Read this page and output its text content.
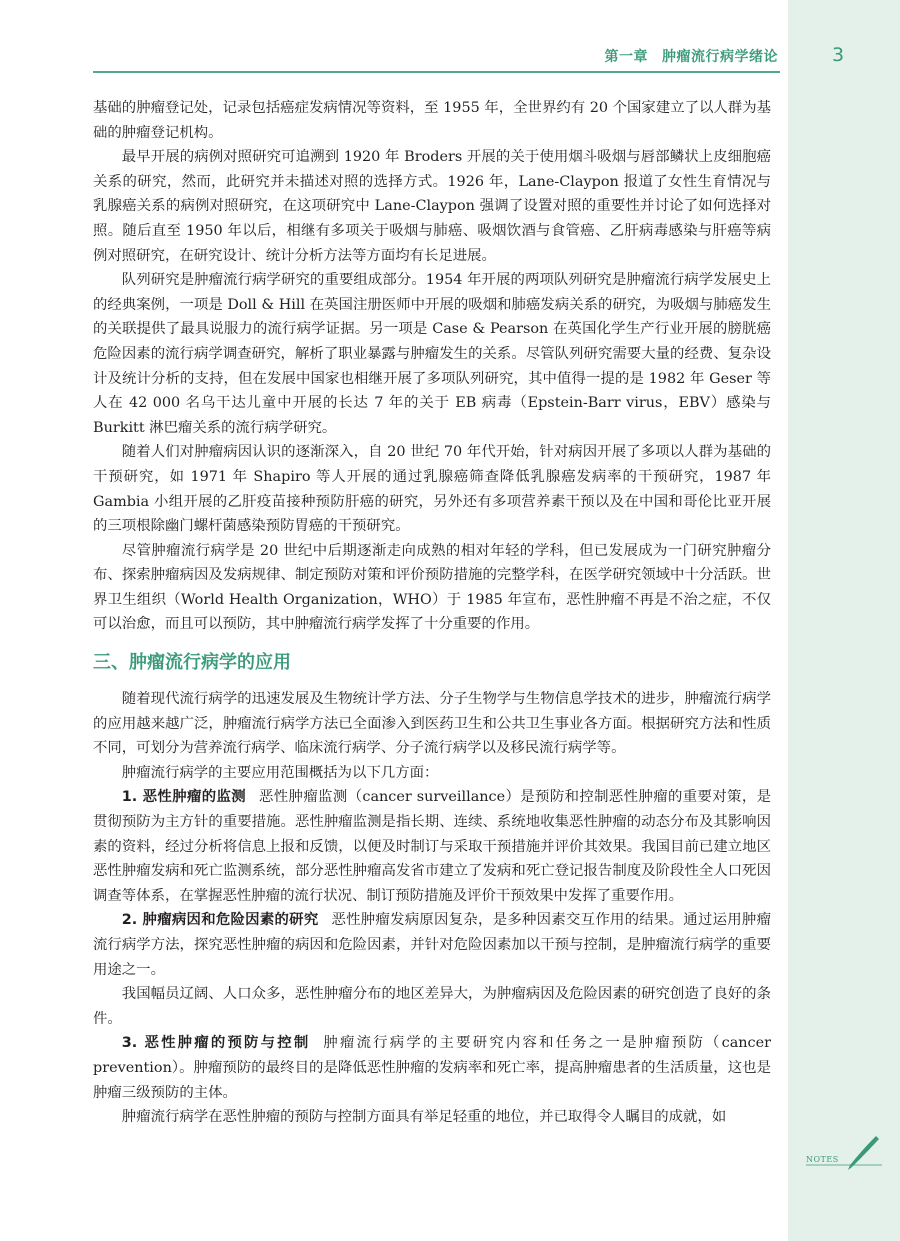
第一章 肿瘤流行病学绪论	3

基础的肿瘤登记处，记录包括癌症发病情况等资料，至 1955 年，全世界约有 20 个国家建立了以人群为基础的肿瘤登记机构。

最早开展的病例对照研究可追溯到 1920 年 Broders 开展的关于使用烟斗吸烟与唇部鳞状上皮细胞癌关系的研究，然而，此研究并未描述对照的选择方式。1926 年，Lane-Claypon 报道了女性生育情况与乳腺癌关系的病例对照研究，在这项研究中 Lane-Claypon 强调了设置对照的重要性并讨论了如何选择对照。随后直至 1950 年以后，相继有多项关于吸烟与肺癌、吸烟饮酒与食管癌、乙肝病毒感染与肝癌等病例对照研究，在研究设计、统计分析方法等方面均有长足进展。

队列研究是肿瘤流行病学研究的重要组成部分。1954 年开展的两项队列研究是肿瘤流行病学发展史上的经典案例，一项是 Doll & Hill 在英国注册医师中开展的吸烟和肺癌发病关系的研究，为吸烟与肺癌发生的关联提供了最具说服力的流行病学证据。另一项是 Case & Pearson 在英国化学生产行业开展的膀胱癌危险因素的流行病学调查研究，解析了职业暴露与肿瘤发生的关系。尽管队列研究需要大量的经费、复杂设计及统计分析的支持，但在发展中国家也相继开展了多项队列研究，其中值得一提的是 1982 年 Geser 等人在 42 000 名乌干达儿童中开展的长达 7 年的关于 EB 病毒（Epstein-Barr virus，EBV）感染与 Burkitt 淋巴瘤关系的流行病学研究。

随着人们对肿瘤病因认识的逐渐深入，自 20 世纪 70 年代开始，针对病因开展了多项以人群为基础的干预研究，如 1971 年 Shapiro 等人开展的通过乳腺癌筛查降低乳腺癌发病率的干预研究，1987 年 Gambia 小组开展的乙肝疫苗接种预防肝癌的研究，另外还有多项营养素干预以及在中国和哥伦比亚开展的三项根除幽门螺杆菌感染预防胃癌的干预研究。

尽管肿瘤流行病学是 20 世纪中后期逐渐走向成熟的相对年轻的学科，但已发展成为一门研究肿瘤分布、探索肿瘤病因及发病规律、制定预防对策和评价预防措施的完整学科，在医学研究领域中十分活跃。世界卫生组织（World Health Organization，WHO）于 1985 年宣布，恶性肿瘤不再是不治之症，不仅可以治愈，而且可以预防，其中肿瘤流行病学发挥了十分重要的作用。

三、肿瘤流行病学的应用

随着现代流行病学的迅速发展及生物统计学方法、分子生物学与生物信息学技术的进步，肿瘤流行病学的应用越来越广泛，肿瘤流行病学方法已全面渗入到医药卫生和公共卫生事业各方面。根据研究方法和性质不同，可划分为营养流行病学、临床流行病学、分子流行病学以及移民流行病学等。

肿瘤流行病学的主要应用范围概括为以下几方面：

1. 恶性肿瘤的监测 恶性肿瘤监测（cancer surveillance）是预防和控制恶性肿瘤的重要对策，是贯彻预防为主方针的重要措施。恶性肿瘤监测是指长期、连续、系统地收集恶性肿瘤的动态分布及其影响因素的资料，经过分析将信息上报和反馈，以便及时制订与采取干预措施并评价其效果。我国目前已建立地区恶性肿瘤发病和死亡监测系统，部分恶性肿瘤高发省市建立了发病和死亡登记报告制度及阶段性全人口死因调查等体系，在掌握恶性肿瘤的流行状况、制订预防措施及评价干预效果中发挥了重要作用。

2. 肿瘤病因和危险因素的研究 恶性肿瘤发病原因复杂，是多种因素交互作用的结果。通过运用肿瘤流行病学方法，探究恶性肿瘤的病因和危险因素，并针对危险因素加以干预与控制，是肿瘤流行病学的重要用途之一。

我国幅员辽阔、人口众多，恶性肿瘤分布的地区差异大，为肿瘤病因及危险因素的研究创造了良好的条件。

3. 恶性肿瘤的预防与控制 肿瘤流行病学的主要研究内容和任务之一是肿瘤预防（cancer prevention）。肿瘤预防的最终目的是降低恶性肿瘤的发病率和死亡率，提高肿瘤患者的生活质量，这也是肿瘤三级预防的主体。

肿瘤流行病学在恶性肿瘤的预防与控制方面具有举足轻重的地位，并已取得令人瞩目的成就，如

NOTES
